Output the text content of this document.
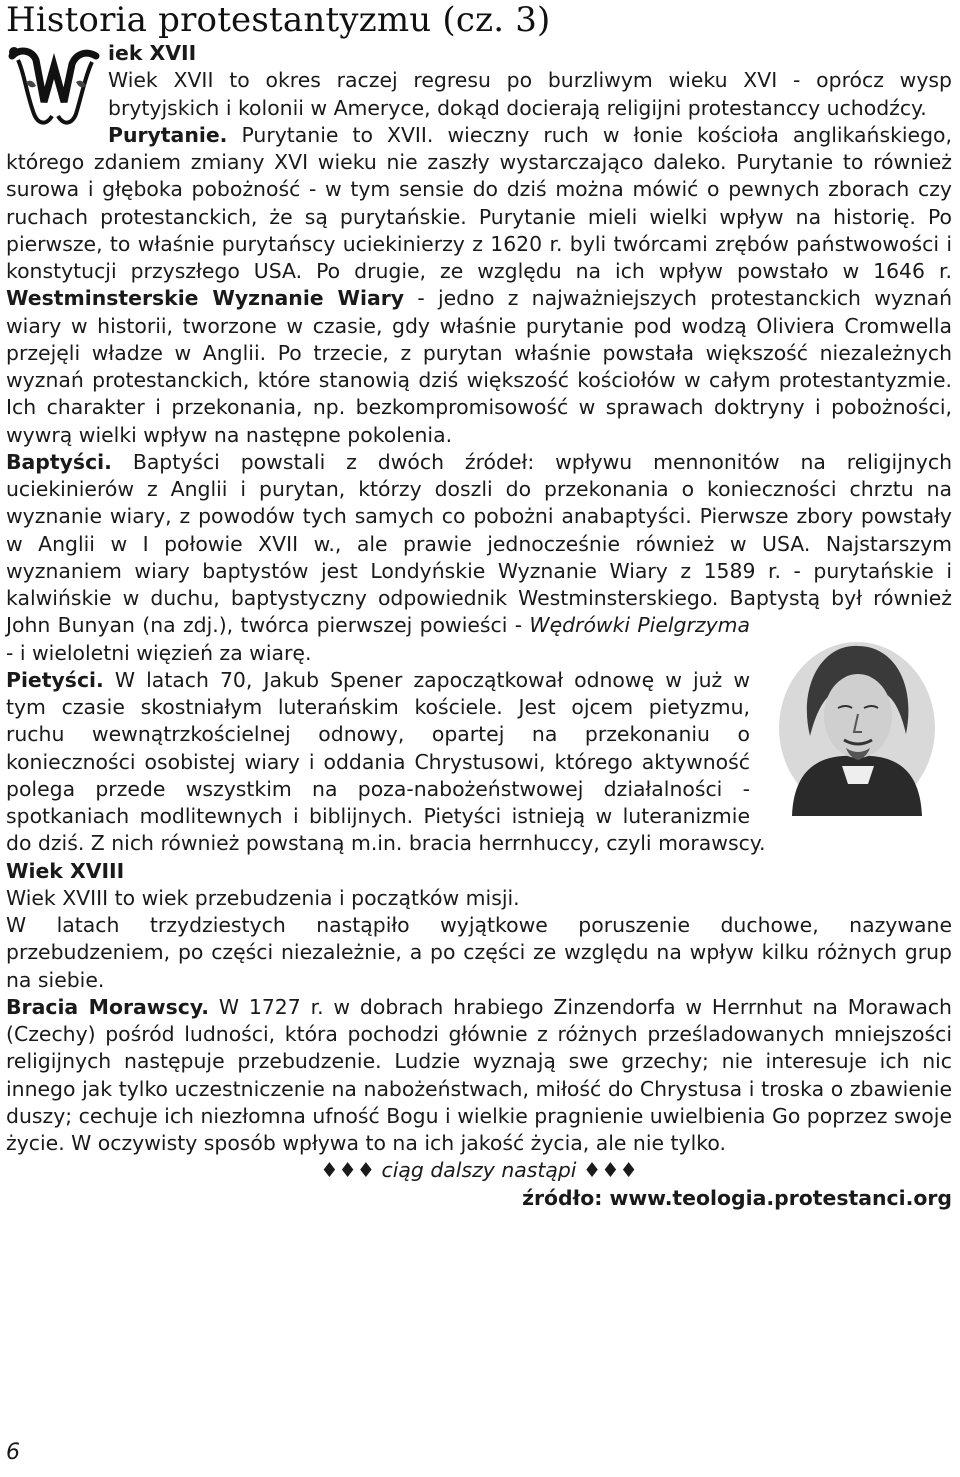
Historia protestantyzmu (cz. 3)
iek XVII

Wiek XVII to okres raczej regresu po burzliwym wieku XVI - oprócz wysp brytyjskich i kolonii w Ameryce, dokąd docierają religijni protestanccy uchodźcy.

Purytanie. Purytanie to XVII. wieczny ruch w łonie kościoła anglikańskiego, którego zdaniem zmiany XVI wieku nie zaszły wystarczająco daleko. Purytanie to również surowa i głęboka pobożność - w tym sensie do dziś można mówić o pewnych zborach czy ruchach protestanckich, że są purytańskie. Purytanie mieli wielki wpływ na historię. Po pierwsze, to właśnie purytańscy uciekinierzy z 1620 r. byli twórcami zrębów państwowości i konstytucji przyszłego USA. Po drugie, ze względu na ich wpływ powstało w 1646 r. Westminsterskie Wyznanie Wiary - jedno z najważniejszych protestanckich wyznań wiary w historii, tworzone w czasie, gdy właśnie purytanie pod wodzą Oliviera Cromwella przejęli władze w Anglii. Po trzecie, z purytan właśnie powstała większość niezależnych wyznań protestanckich, które stanowią dziś większość kościołów w całym protestantyzmie. Ich charakter i przekonania, np. bezkompromisowość w sprawach doktryny i pobożności, wywrą wielki wpływ na następne pokolenia.

Baptyści. Baptyści powstali z dwóch źródeł: wpływu mennonitów na religijnych uciekinierów z Anglii i purytan, którzy doszli do przekonania o konieczności chrztu na wyznanie wiary, z powodów tych samych co pobożni anabaptyści. Pierwsze zbory powstały w Anglii w I połowie XVII w., ale prawie jednocześnie również w USA. Najstarszym wyznaniem wiary baptystów jest Londyńskie Wyznanie Wiary z 1589 r. - purytańskie i kalwińskie w duchu, baptystyczny odpowiednik Westminsterskiego. Baptystą był również John Bunyan (na zdj.), twórca pierwszej powieści - Wędrówki Pielgrzyma - i wieloletni więzień za wiarę.

Pietyści. W latach 70, Jakub Spener zapoczątkował odnowę w już w tym czasie skostniałym luterańskim kościele. Jest ojcem pietyzmu, ruchu wewnątrzkościelnej odnowy, opartej na przekonaniu o konieczności osobistej wiary i oddania Chrystusowi, którego aktywność polega przede wszystkim na poza-nabożeństwowej działalności - spotkaniach modlitewnych i biblijnych. Pietyści istnieją w luteranizmie do dziś. Z nich również powstaną m.in. bracia herrnhuccy, czyli morawscy.

Wiek XVIII

Wiek XVIII to wiek przebudzenia i początków misji.

W latach trzydziestych nastąpiło wyjątkowe poruszenie duchowe, nazywane przebudzeniem, po części niezależnie, a po części ze względu na wpływ kilku różnych grup na siebie.

Bracia Morawscy. W 1727 r. w dobrach hrabiego Zinzendorfa w Herrnhut na Morawach (Czechy) pośród ludności, która pochodzi głównie z różnych prześladowanych mniejszości religijnych następuje przebudzenie. Ludzie wyznają swe grzechy; nie interesuje ich nic innego jak tylko uczestniczenie na nabożeństwach, miłość do Chrystusa i troska o zbawienie duszy; cechuje ich niezłomna ufność Bogu i wielkie pragnienie uwielbienia Go poprzez swoje życie. W oczywisty sposób wpływa to na ich jakość życia, ale nie tylko.

♦♦♦ ciąg dalszy nastąpi ♦♦♦

źródło: www.teologia.protestanci.org

6
